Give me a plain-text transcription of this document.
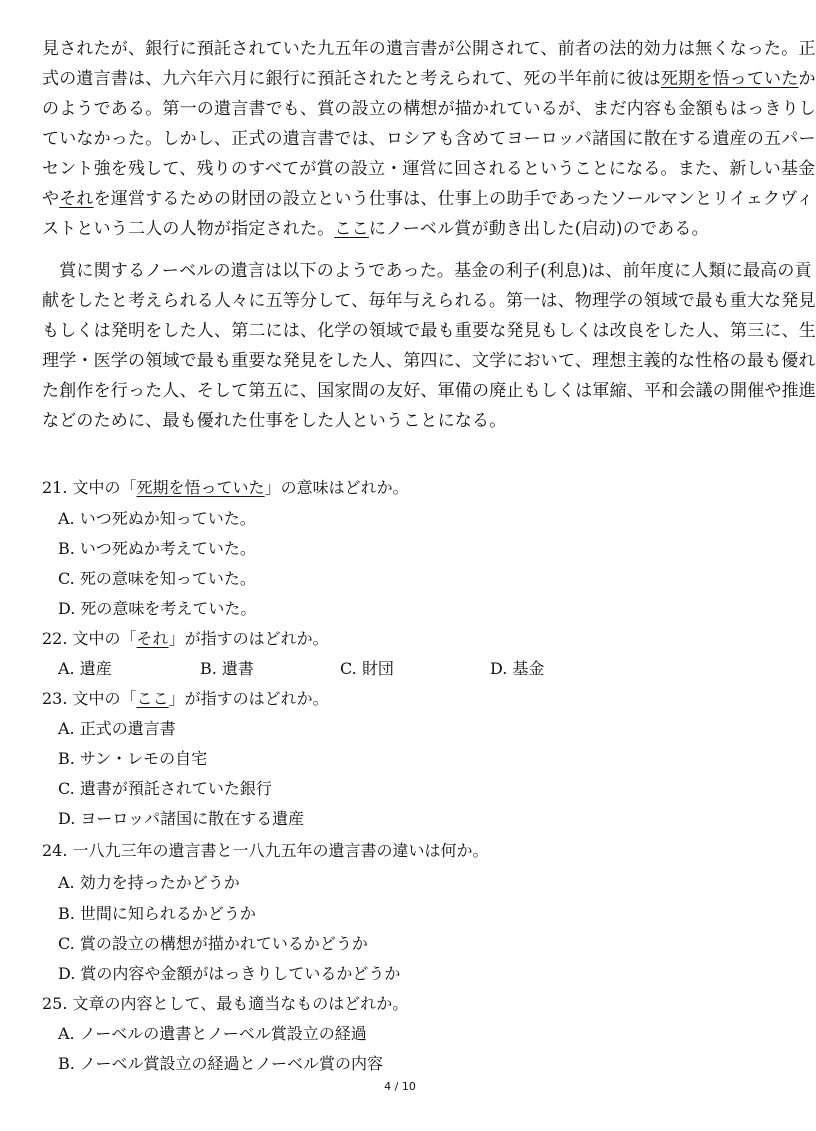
見されたが、銀行に預託されていた九五年の遺言書が公開されて、前者の法的効力は無くなった。正
式の遺言書は、九六年六月に銀行に預託されたと考えられて、死の半年前に彼は死期を悟っていたか
のようである。第一の遺言書でも、賞の設立の構想が描かれているが、まだ内容も金額もはっきりし
ていなかった。しかし、正式の遺言書では、ロシアも含めてヨーロッパ諸国に散在する遺産の五パー
セント強を残して、残りのすべてが賞の設立・運営に回されるということになる。また、新しい基金
やそれを運営するための財団の設立という仕事は、仕事上の助手であったソールマンとリイェクヴィ
ストという二人の人物が指定された。ここにノーベル賞が動き出した(启动)のである。
　賞に関するノーベルの遺言は以下のようであった。基金の利子(利息)は、前年度に人類に最高の貢
献をしたと考えられる人々に五等分して、毎年与えられる。第一は、物理学の領域で最も重大な発見
もしくは発明をした人、第二には、化学の領域で最も重要な発見もしくは改良をした人、第三に、生
理学・医学の領域で最も重要な発見をした人、第四に、文学において、理想主義的な性格の最も優れ
た創作を行った人、そして第五に、国家間の友好、軍備の廃止もしくは軍縮、平和会議の開催や推進
などのために、最も優れた仕事をした人ということになる。
21. 文中の「死期を悟っていた」の意味はどれか。
A. いつ死ぬか知っていた。
B. いつ死ぬか考えていた。
C. 死の意味を知っていた。
D. 死の意味を考えていた。
22. 文中の「それ」が指すのはどれか。
A. 遺産	B. 遺書	C. 財団	D. 基金
23. 文中の「ここ」が指すのはどれか。
A. 正式の遺言書
B. サン・レモの自宅
C. 遺書が預託されていた銀行
D. ヨーロッパ諸国に散在する遺産
24. 一八九三年の遺言書と一八九五年の遺言書の違いは何か。
A. 効力を持ったかどうか
B. 世間に知られるかどうか
C. 賞の設立の構想が描かれているかどうか
D. 賞の内容や金額がはっきりしているかどうか
25. 文章の内容として、最も適当なものはどれか。
A. ノーベルの遺書とノーベル賞設立の経過
B. ノーベル賞設立の経過とノーベル賞の内容
4 / 10
